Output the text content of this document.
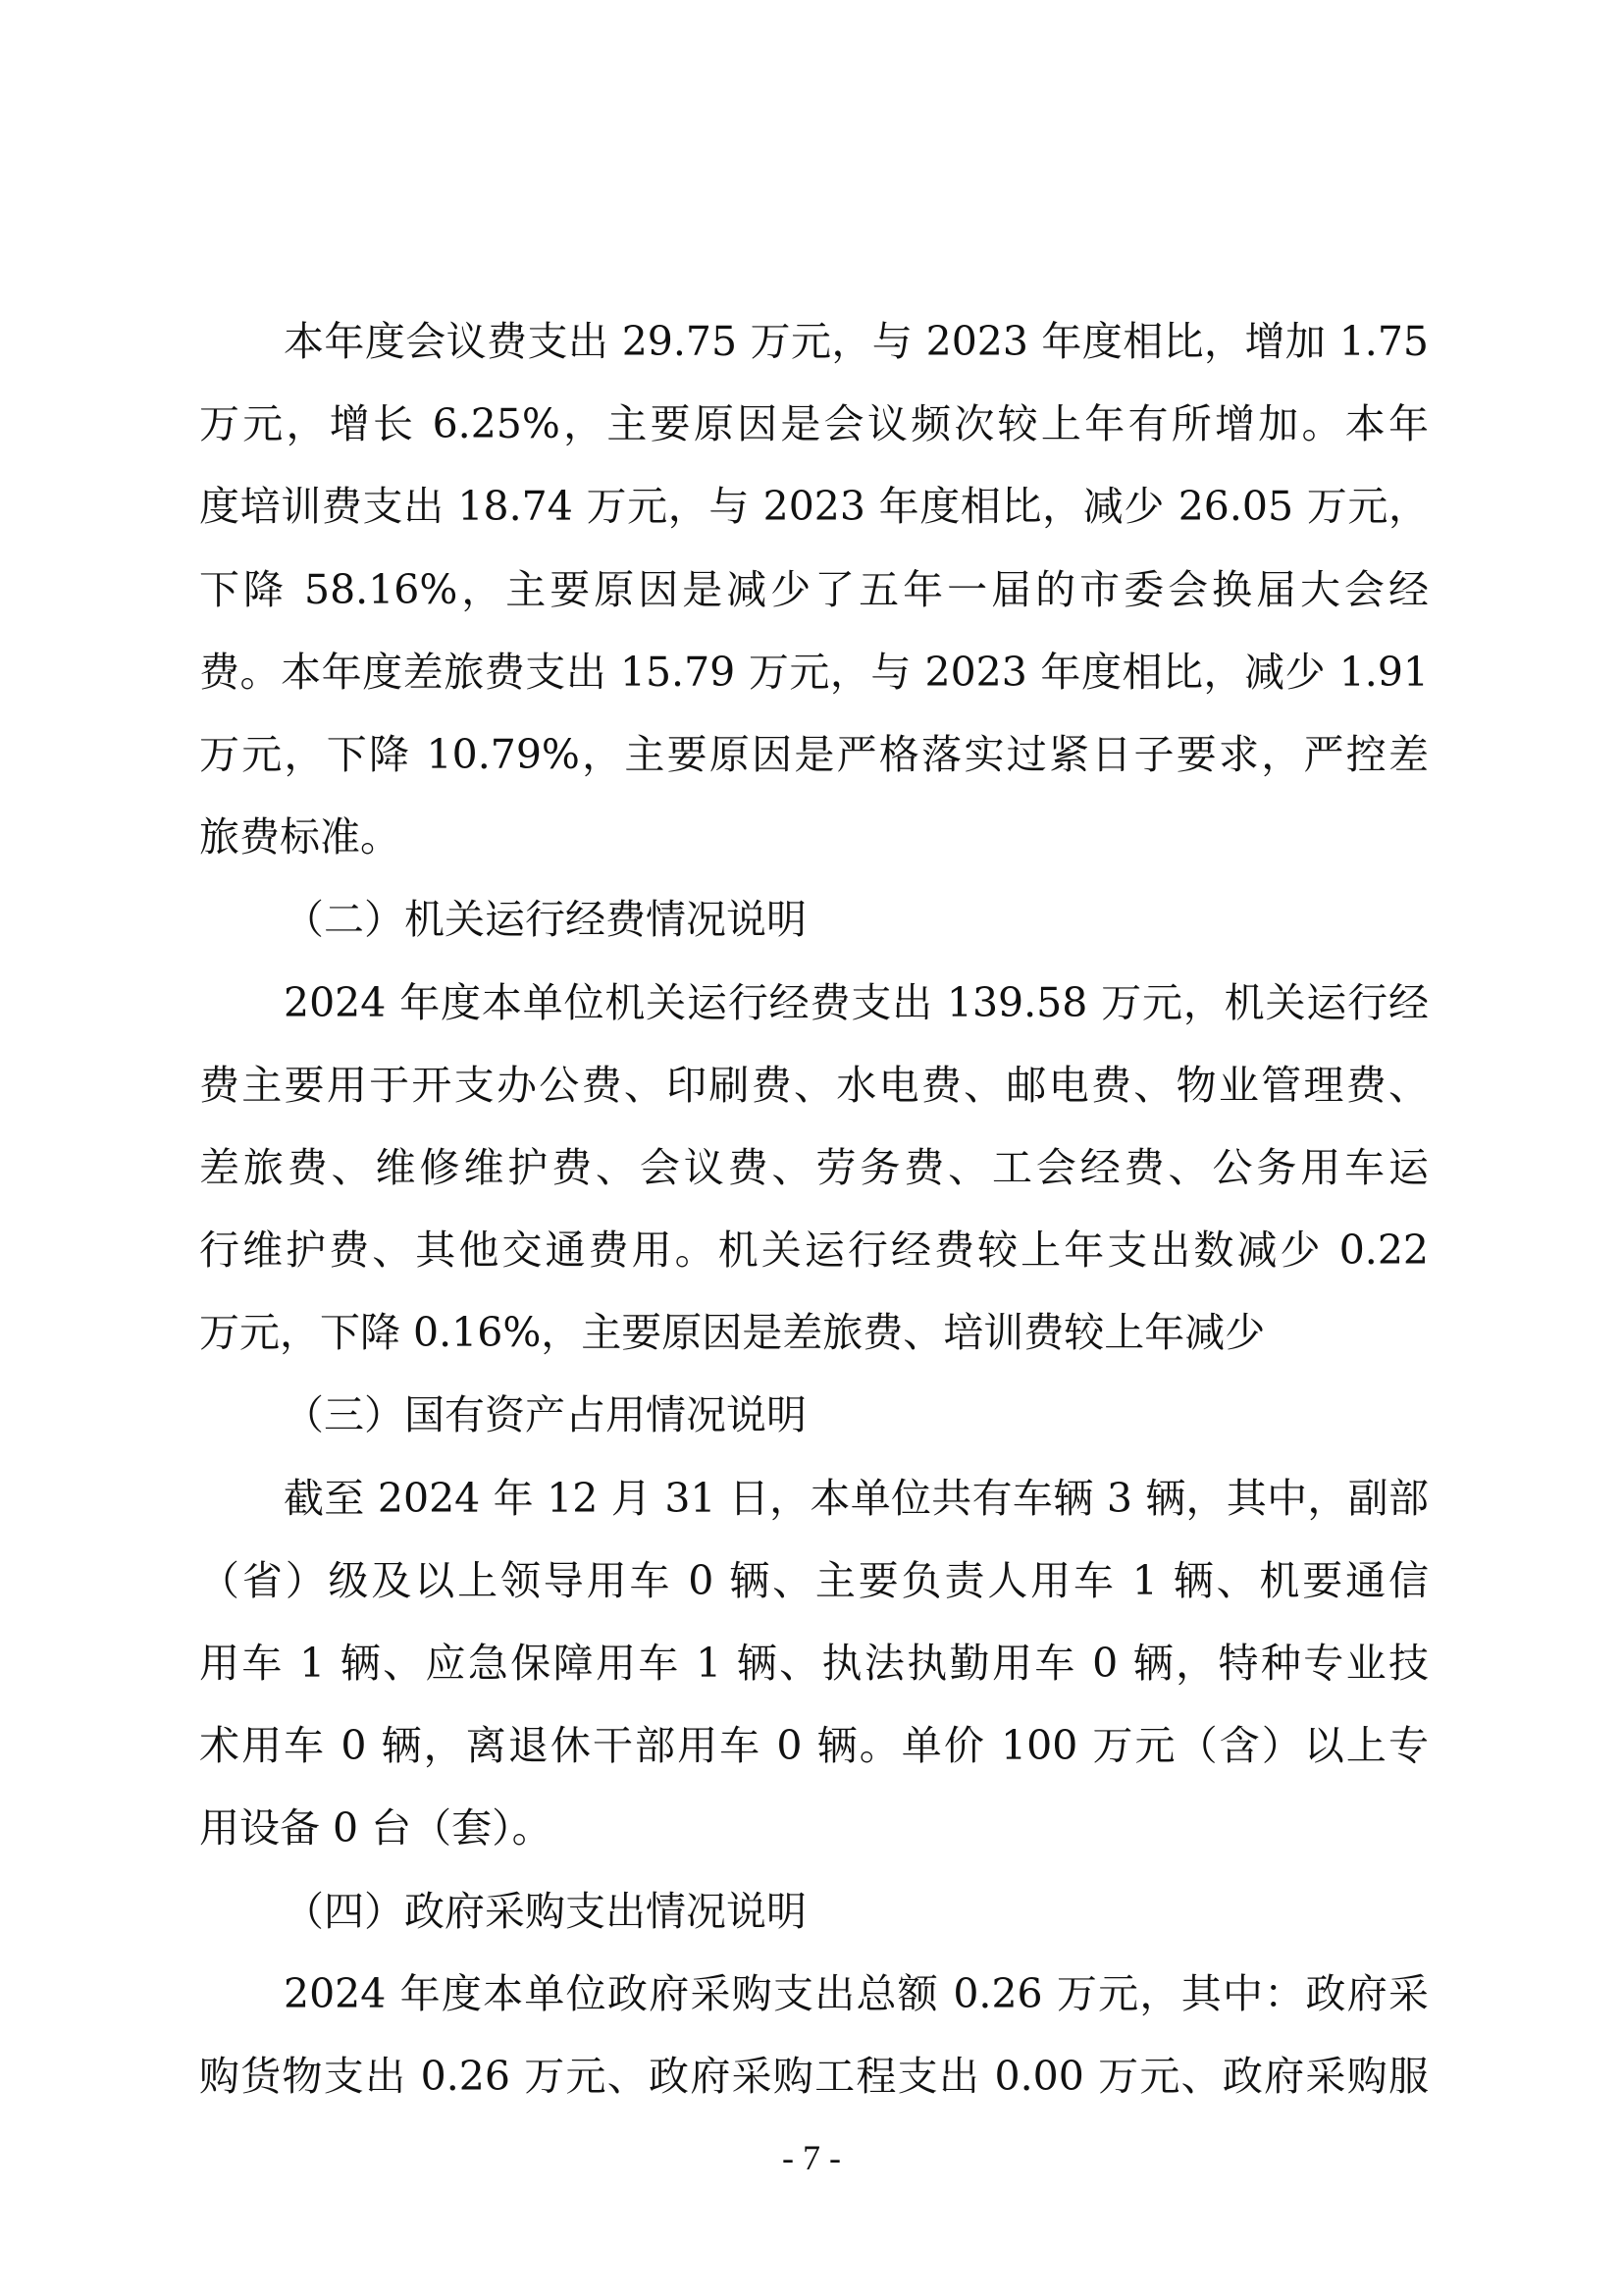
本年度会议费支出 29.75 万元，与 2023 年度相比，增加 1.75
万元，增长 6.25%，主要原因是会议频次较上年有所增加。本年
度培训费支出 18.74 万元，与 2023 年度相比，减少 26.05 万元，
下降 58.16%，主要原因是减少了五年一届的市委会换届大会经
费。本年度差旅费支出 15.79 万元，与 2023 年度相比，减少 1.91
万元，下降 10.79%，主要原因是严格落实过紧日子要求，严控差
旅费标准。
（二）机关运行经费情况说明
2024 年度本单位机关运行经费支出 139.58 万元，机关运行经
费主要用于开支办公费、印刷费、水电费、邮电费、物业管理费、
差旅费、维修维护费、会议费、劳务费、工会经费、公务用车运
行维护费、其他交通费用。机关运行经费较上年支出数减少 0.22
万元，下降 0.16%，主要原因是差旅费、培训费较上年减少
（三）国有资产占用情况说明
截至 2024 年 12 月 31 日，本单位共有车辆 3 辆，其中，副部
（省）级及以上领导用车 0 辆、主要负责人用车 1 辆、机要通信
用车 1 辆、应急保障用车 1 辆、执法执勤用车 0 辆，特种专业技
术用车 0 辆，离退休干部用车 0 辆。单价 100 万元（含）以上专
用设备 0 台（套）。
（四）政府采购支出情况说明
2024 年度本单位政府采购支出总额 0.26 万元，其中：政府采
购货物支出 0.26 万元、政府采购工程支出 0.00 万元、政府采购服
- 7 -
